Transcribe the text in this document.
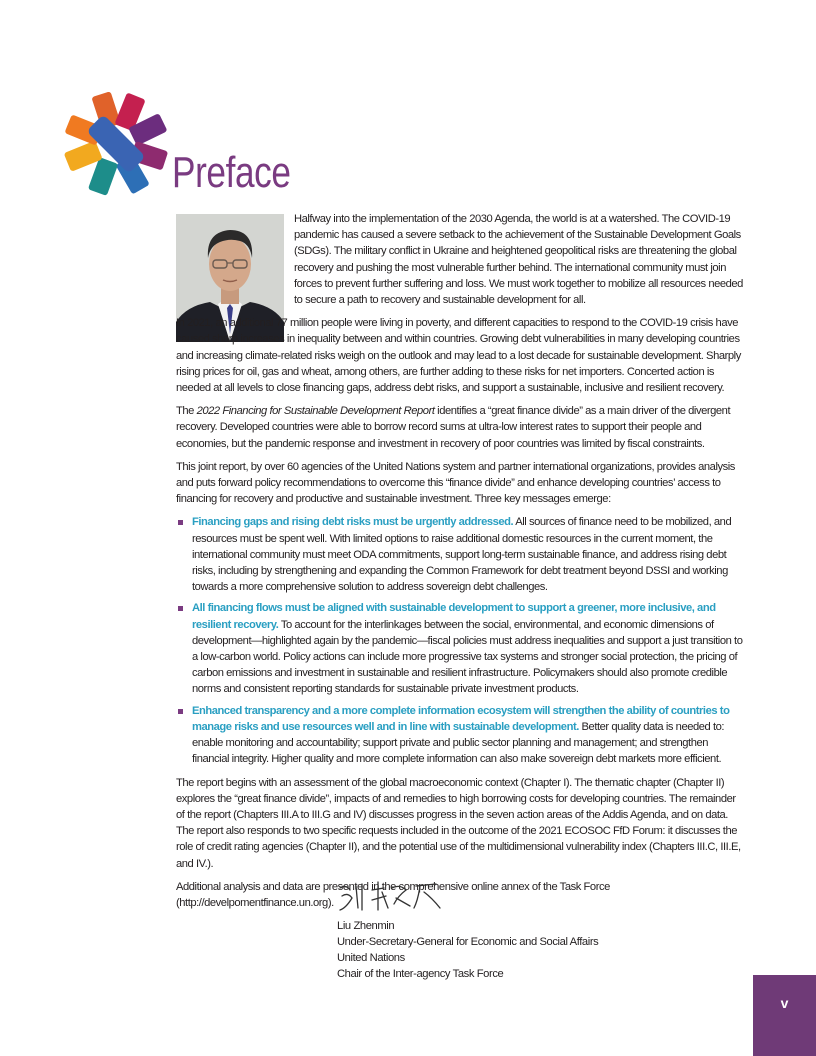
Preface

Halfway into the implementation of the 2030 Agenda, the world is at a watershed. The COVID-19 pandemic has caused a severe setback to the achievement of the Sustainable Development Goals (SDGs). The military conflict in Ukraine and heightened geopolitical risks are threatening the global recovery and pushing the most vulnerable further behind. The international community must join forces to prevent further suffering and loss. We must work together to mobilize all resources needed to secure a path to recovery and sustainable development for all.

In 2021, an additional 77 million people were living in poverty, and different capacities to respond to the COVID-19 crisis have caused sharp increases in inequality between and within countries. Growing debt vulnerabilities in many developing countries and increasing climate-related risks weigh on the outlook and may lead to a lost decade for sustainable development. Sharply rising prices for oil, gas and wheat, among others, are further adding to these risks for net importers. Concerted action is needed at all levels to close financing gaps, address debt risks, and support a sustainable, inclusive and resilient recovery.

The 2022 Financing for Sustainable Development Report identifies a “great finance divide” as a main driver of the divergent recovery. Developed countries were able to borrow record sums at ultra-low interest rates to support their people and economies, but the pandemic response and investment in recovery of poor countries was limited by fiscal constraints.

This joint report, by over 60 agencies of the United Nations system and partner international organizations, provides analysis and puts forward policy recommendations to overcome this “finance divide” and enhance developing countries’ access to financing for recovery and productive and sustainable investment. Three key messages emerge:

Financing gaps and rising debt risks must be urgently addressed. All sources of finance need to be mobilized, and resources must be spent well. With limited options to raise additional domestic resources in the current moment, the international community must meet ODA commitments, support long-term sustainable finance, and address rising debt risks, including by strengthening and expanding the Common Framework for debt treatment beyond DSSI and working towards a more comprehensive solution to address sovereign debt challenges.
All financing flows must be aligned with sustainable development to support a greener, more inclusive, and resilient recovery. To account for the interlinkages between the social, environmental, and economic dimensions of development—highlighted again by the pandemic—fiscal policies must address inequalities and support a just transition to a low-carbon world. Policy actions can include more progressive tax systems and stronger social protection, the pricing of carbon emissions and investment in sustainable and resilient infrastructure. Policymakers should also promote credible norms and consistent reporting standards for sustainable private investment products.
Enhanced transparency and a more complete information ecosystem will strengthen the ability of countries to manage risks and use resources well and in line with sustainable development. Better quality data is needed to: enable monitoring and accountability; support private and public sector planning and management; and strengthen financial integrity. Higher quality and more complete information can also make sovereign debt markets more efficient.

The report begins with an assessment of the global macroeconomic context (Chapter I). The thematic chapter (Chapter II) explores the “great finance divide”, impacts of and remedies to high borrowing costs for developing countries. The remainder of the report (Chapters III.A to III.G and IV) discusses progress in the seven action areas of the Addis Agenda, and on data. The report also responds to two specific requests included in the outcome of the 2021 ECOSOC FfD Forum: it discusses the role of credit rating agencies (Chapter II), and the potential use of the multidimensional vulnerability index (Chapters III.C, III.E, and IV.).

Additional analysis and data are presented in the comprehensive online annex of the Task Force (http://develpomentfinance.un.org).

Liu Zhenmin
Under-Secretary-General for Economic and Social Affairs
United Nations
Chair of the Inter-agency Task Force
v
